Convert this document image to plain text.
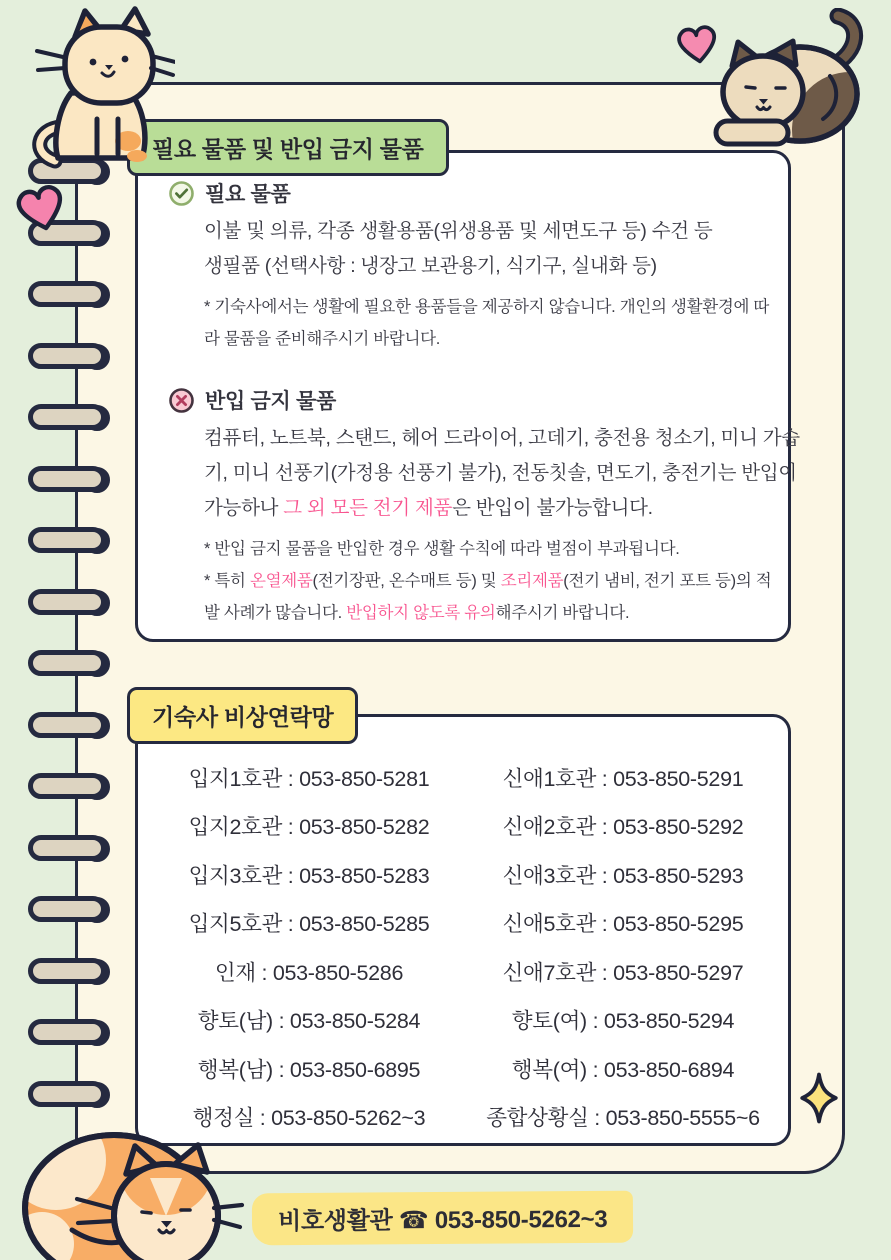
필요 물품 및 반입 금지 물품
필요 물품
이불 및 의류, 각종 생활용품(위생용품 및 세면도구 등) 수건 등
생필품 (선택사항 : 냉장고 보관용기, 식기구, 실내화 등)
* 기숙사에서는 생활에 필요한 용품들을 제공하지 않습니다. 개인의 생활환경에 따
라 물품을 준비해주시기 바랍니다.
반입 금지 물품
컴퓨터, 노트북, 스탠드, 헤어 드라이어, 고데기, 충전용 청소기, 미니 가습
기, 미니 선풍기(가정용 선풍기 불가), 전동칫솔, 면도기, 충전기는 반입이
가능하나 그 외 모든 전기 제품은 반입이 불가능합니다.
* 반입 금지 물품을 반입한 경우 생활 수칙에 따라 벌점이 부과됩니다.
* 특히 온열제품(전기장판, 온수매트 등) 및 조리제품(전기 냄비, 전기 포트 등)의 적
발 사례가 많습니다. 반입하지 않도록 유의해주시기 바랍니다.
입지1호관 : 053-850-5281	신애1호관 : 053-850-5291
입지2호관 : 053-850-5282	신애2호관 : 053-850-5292
입지3호관 : 053-850-5283	신애3호관 : 053-850-5293
입지5호관 : 053-850-5285	신애5호관 : 053-850-5295
인재 : 053-850-5286	신애7호관 : 053-850-5297
향토(남) : 053-850-5284	향토(여) : 053-850-5294
행복(남) : 053-850-6895	행복(여) : 053-850-6894
행정실 : 053-850-5262~3	종합상황실 : 053-850-5555~6
기숙사 비상연락망
비호생활관 ☎ 053-850-5262~3
